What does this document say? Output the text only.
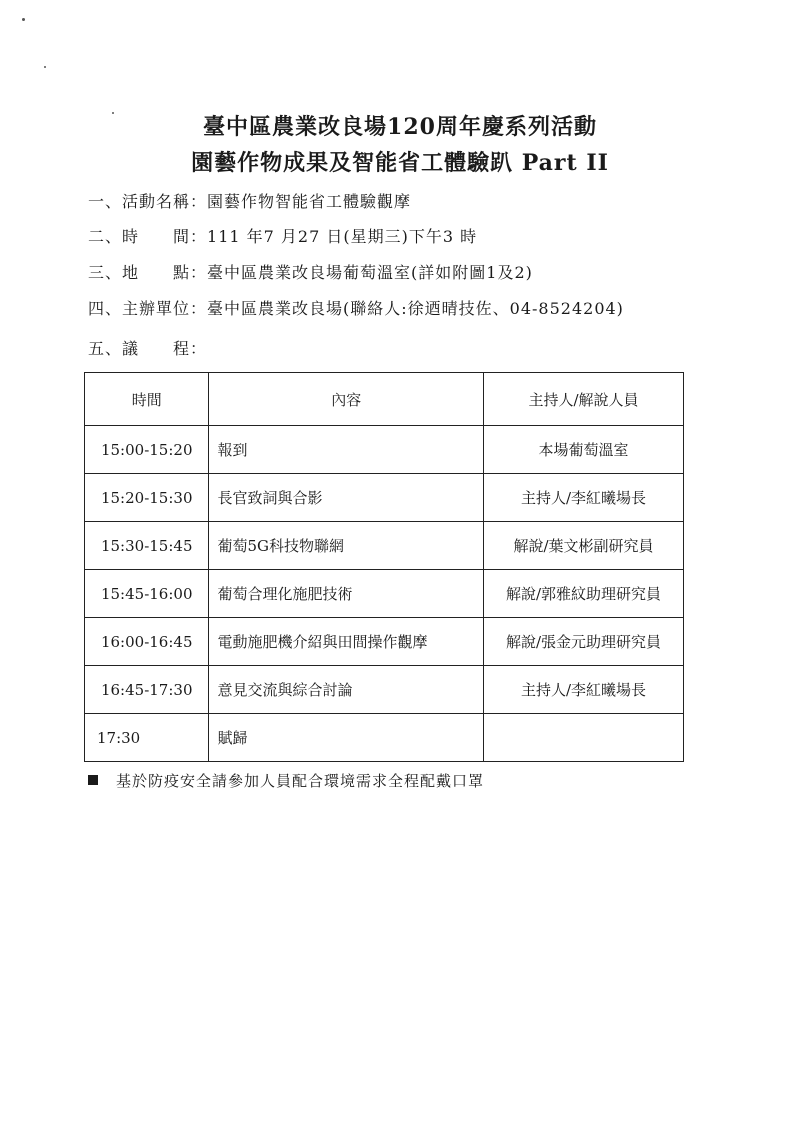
臺中區農業改良場120周年慶系列活動
園藝作物成果及智能省工體驗趴 Part II
一、活動名稱：園藝作物智能省工體驗觀摩
二、時　　間：111 年7 月27 日(星期三)下午3 時
三、地　　點：臺中區農業改良場葡萄溫室(詳如附圖1及2)
四、主辦單位：臺中區農業改良場(聯絡人:徐迺晴技佐、04-8524204)
五、議　　程：
時間	內容	主持人/解說人員
15:00-15:20	報到	本場葡萄溫室
15:20-15:30	長官致詞與合影	主持人/李紅曦場長
15:30-15:45	葡萄5G科技物聯網	解說/葉文彬副研究員
15:45-16:00	葡萄合理化施肥技術	解說/郭雅紋助理研究員
16:00-16:45	電動施肥機介紹與田間操作觀摩	解說/張金元助理研究員
16:45-17:30	意見交流與綜合討論	主持人/李紅曦場長
17:30	賦歸	
基於防疫安全請參加人員配合環境需求全程配戴口罩
